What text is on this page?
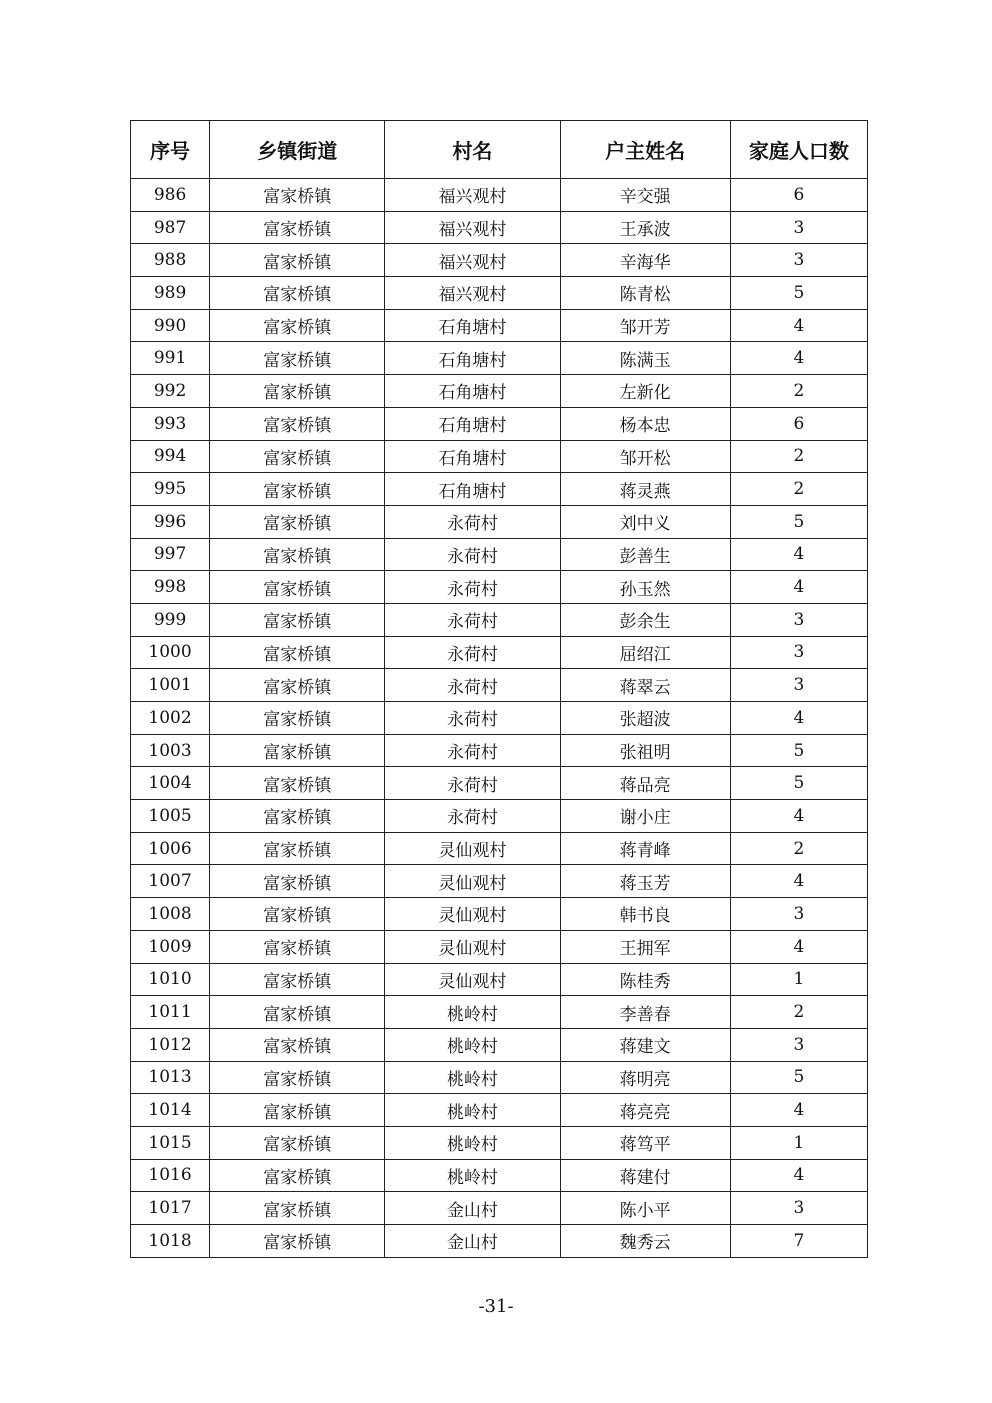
序号	乡镇街道	村名	户主姓名	家庭人口数
986	富家桥镇	福兴观村	辛交强	6
987	富家桥镇	福兴观村	王承波	3
988	富家桥镇	福兴观村	辛海华	3
989	富家桥镇	福兴观村	陈青松	5
990	富家桥镇	石角塘村	邹开芳	4
991	富家桥镇	石角塘村	陈满玉	4
992	富家桥镇	石角塘村	左新化	2
993	富家桥镇	石角塘村	杨本忠	6
994	富家桥镇	石角塘村	邹开松	2
995	富家桥镇	石角塘村	蒋灵燕	2
996	富家桥镇	永荷村	刘中义	5
997	富家桥镇	永荷村	彭善生	4
998	富家桥镇	永荷村	孙玉然	4
999	富家桥镇	永荷村	彭余生	3
1000	富家桥镇	永荷村	屈绍江	3
1001	富家桥镇	永荷村	蒋翠云	3
1002	富家桥镇	永荷村	张超波	4
1003	富家桥镇	永荷村	张祖明	5
1004	富家桥镇	永荷村	蒋品亮	5
1005	富家桥镇	永荷村	谢小庄	4
1006	富家桥镇	灵仙观村	蒋青峰	2
1007	富家桥镇	灵仙观村	蒋玉芳	4
1008	富家桥镇	灵仙观村	韩书良	3
1009	富家桥镇	灵仙观村	王拥军	4
1010	富家桥镇	灵仙观村	陈桂秀	1
1011	富家桥镇	桃岭村	李善春	2
1012	富家桥镇	桃岭村	蒋建文	3
1013	富家桥镇	桃岭村	蒋明亮	5
1014	富家桥镇	桃岭村	蒋亮亮	4
1015	富家桥镇	桃岭村	蒋笃平	1
1016	富家桥镇	桃岭村	蒋建付	4
1017	富家桥镇	金山村	陈小平	3
1018	富家桥镇	金山村	魏秀云	7
-31-
